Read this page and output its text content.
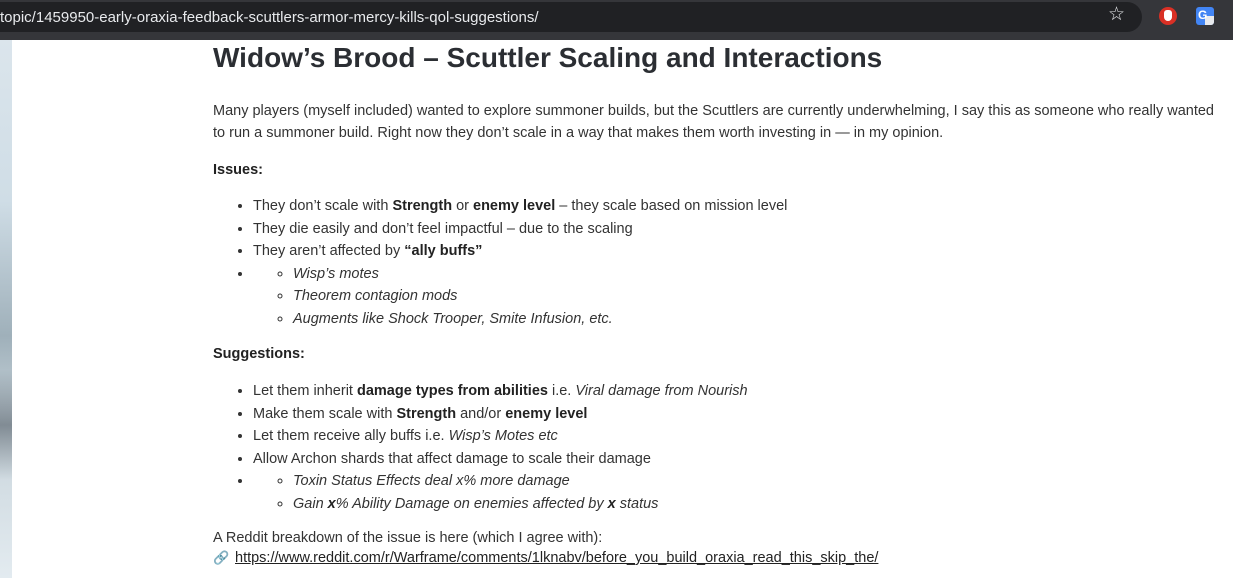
topic/1459950-early-oraxia-feedback-scuttlers-armor-mercy-kills-qol-suggestions/	☆	G
Widow’s Brood – Scuttler Scaling and Interactions

Many players (myself included) wanted to explore summoner builds, but the Scuttlers are currently underwhelming, I say this as someone who really wanted to run a summoner build. Right now they don’t scale in a way that makes them worth investing in — in my opinion.

Issues:

• They don’t scale with Strength or enemy level – they scale based on mission level
• They die easily and don’t feel impactful – due to the scaling
• They aren’t affected by “ally buffs”
◦ • Wisp’s motes
◦ Theorem contagion mods
◦ Augments like Shock Trooper, Smite Infusion, etc.

Suggestions:

• Let them inherit damage types from abilities i.e. Viral damage from Nourish
• Make them scale with Strength and/or enemy level
• Let them receive ally buffs i.e. Wisp’s Motes etc
• Allow Archon shards that affect damage to scale their damage
◦ • Toxin Status Effects deal x% more damage
◦ Gain x% Ability Damage on enemies affected by x status

A Reddit breakdown of the issue is here (which I agree with):

🔗 https://www.reddit.com/r/Warframe/comments/1lknabv/before_you_build_oraxia_read_this_skip_the/
